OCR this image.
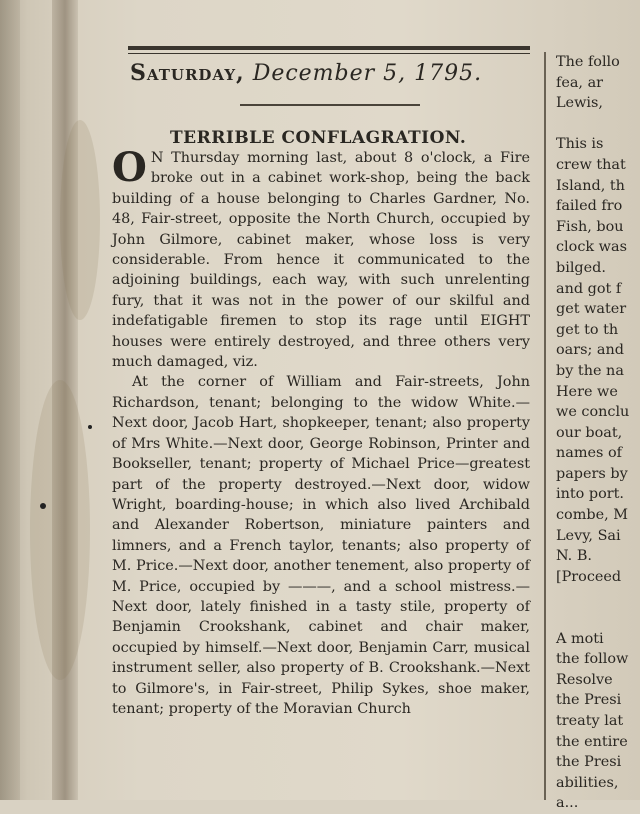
Saturday, December 5, 1795.
TERRIBLE CONFLAGRATION.

O N Thursday morning last, about 8 o'clock, a Fire broke out in a cabinet work-shop, being the back building of a house belonging to Charles Gardner, No. 48, Fair-street, opposite the North Church, occupied by John Gilmore, cabinet maker, whose loss is very considerable. From hence it communicated to the adjoining buildings, each way, with such unrelenting fury, that it was not in the power of our skilful and indefatigable firemen to stop its rage until EIGHT houses were entirely destroyed, and three others very much damaged, viz.

At the corner of William and Fair-streets, John Richardson, tenant; belonging to the widow White.—Next door, Jacob Hart, shopkeeper, tenant; also property of Mrs White.—Next door, George Robinson, Printer and Bookseller, tenant; property of Michael Price—greatest part of the property destroyed.—Next door, widow Wright, boarding-house; in which also lived Archibald and Alexander Robertson, miniature painters and limners, and a French taylor, tenants; also property of M. Price.—Next door, another tenement, also property of M. Price, occupied by ———, and a school mistress.—Next door, lately finished in a tasty stile, property of Benjamin Crookshank, cabinet and chair maker, occupied by himself.—Next door, Benjamin Carr, musical instrument seller, also property of B. Crookshank.—Next to Gilmore's, in Fair-street, Philip Sykes, shoe maker, tenant; property of the Moravian Church

The follo
fea, ar
Lewis,
This is
crew that
Island, th
failed fro
Fish, bou
clock was
bilged.
and got f
get water
get to th
oars; and
by the na
Here we
we conclu
our boat,
names of
papers by
into port.
combe, M
Levy, Sai
N. B.
[Proceed
A moti
the follow
Resolve
the Presi
treaty lat
the entire
the Presi
abilities,
a...
